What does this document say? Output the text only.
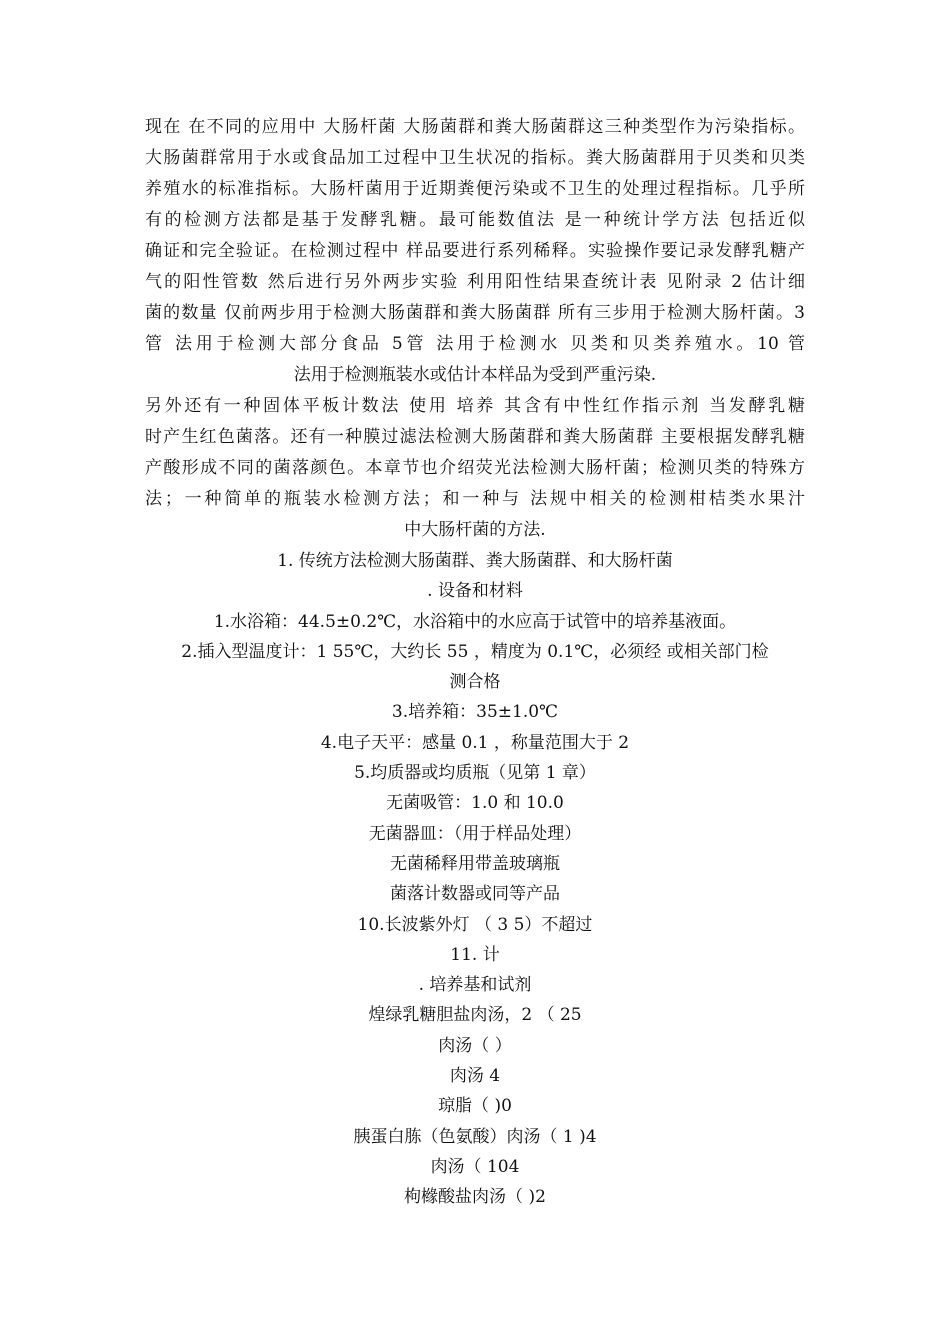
现在 在不同的应用中 大肠杆菌 大肠菌群和粪大肠菌群这三种类型作为污染指标。
大肠菌群常用于水或食品加工过程中卫生状况的指标。粪大肠菌群用于贝类和贝类
养殖水的标准指标。大肠杆菌用于近期粪便污染或不卫生的处理过程指标。几乎所
有的检测方法都是基于发酵乳糖。最可能数值法 是一种统计学方法 包括近似
确证和完全验证。在检测过程中 样品要进行系列稀释。实验操作要记录发酵乳糖产
气的阳性管数 然后进行另外两步实验 利用阳性结果查统计表 见附录 2 估计细
菌的数量 仅前两步用于检测大肠菌群和粪大肠菌群 所有三步用于检测大肠杆菌。3
管 法用于检测大部分食品 5管 法用于检测水 贝类和贝类养殖水。10 管
法用于检测瓶装水或估计本样品为受到严重污染.
另外还有一种固体平板计数法 使用 培养 其含有中性红作指示剂 当发酵乳糖
时产生红色菌落。还有一种膜过滤法检测大肠菌群和粪大肠菌群 主要根据发酵乳糖
产酸形成不同的菌落颜色。本章节也介绍荧光法检测大肠杆菌；检测贝类的特殊方
法；一种简单的瓶装水检测方法；和一种与 法规中相关的检测柑桔类水果汁
中大肠杆菌的方法.
1. 传统方法检测大肠菌群、粪大肠菌群、和大肠杆菌
. 设备和材料
1.水浴箱：44.5±0.2℃，水浴箱中的水应高于试管中的培养基液面。
2.插入型温度计：1 55℃，大约长 55 ，精度为 0.1℃，必须经 或相关部门检
测合格
3.培养箱：35±1.0℃
4.电子天平：感量 0.1 ，称量范围大于 2
5.均质器或均质瓶（见第 1 章）
无菌吸管：1.0 和 10.0
无菌器皿：（用于样品处理）
无菌稀释用带盖玻璃瓶
菌落计数器或同等产品
10.长波紫外灯 （ 3 5）不超过
11. 计
. 培养基和试剂
煌绿乳糖胆盐肉汤，2 （ 25
肉汤（ ）
肉汤 4
琼脂（ )0
胰蛋白胨（色氨酸）肉汤（ 1 )4
肉汤（ 104
枸橼酸盐肉汤（ )2
